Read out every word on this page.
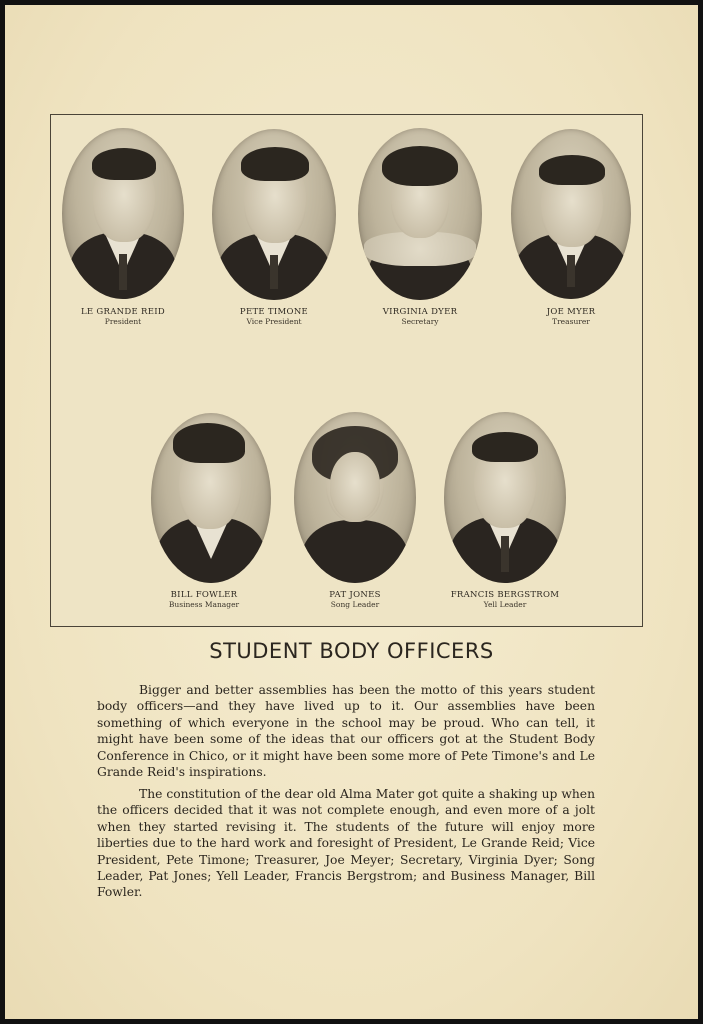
LE GRANDE REID
President
PETE TIMONE
Vice President
VIRGINIA DYER
Secretary
JOE MYER
Treasurer
BILL FOWLER
Business Manager
PAT JONES
Song Leader
FRANCIS BERGSTROM
Yell Leader
STUDENT BODY OFFICERS

Bigger and better assemblies has been the motto of this years student body officers—and they have lived up to it. Our assemblies have been something of which everyone in the school may be proud. Who can tell, it might have been some of the ideas that our officers got at the Student Body Conference in Chico, or it might have been some more of Pete Timone's and Le Grande Reid's inspirations.

The constitution of the dear old Alma Mater got quite a shaking up when the officers decided that it was not complete enough, and even more of a jolt when they started revising it. The students of the future will enjoy more liberties due to the hard work and foresight of President, Le Grande Reid; Vice President, Pete Timone; Treasurer, Joe Meyer; Secretary, Virginia Dyer; Song Leader, Pat Jones; Yell Leader, Francis Bergstrom; and Business Manager, Bill Fowler.
